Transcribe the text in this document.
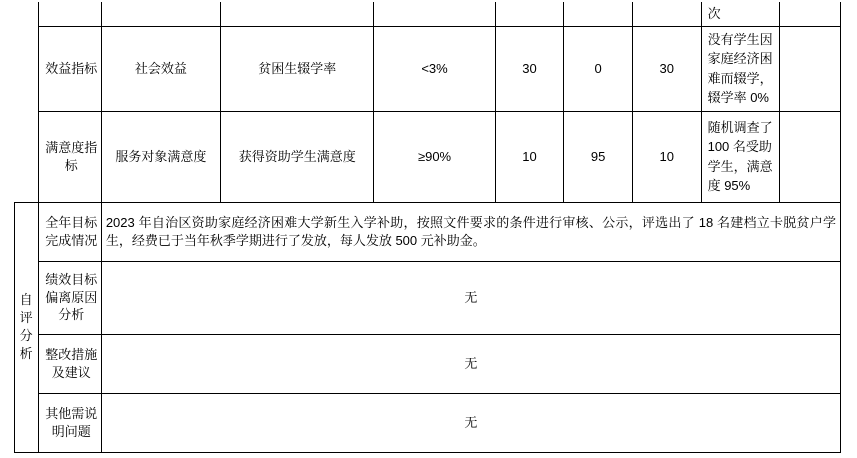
								次	
	效益指标	社会效益	贫困生辍学率	<3%	30	0	30	没有学生因家庭经济困难而辍学，辍学率 0%	
	满意度指标	服务对象满意度	获得资助学生满意度	≥90%	10	95	10	随机调查了 100 名受助学生，满意度 95%	

自评分析	全年目标完成情况	2023 年自治区资助家庭经济困难大学新生入学补助，按照文件要求的条件进行审核、公示，评选出了 18 名建档立卡脱贫户学生，经费已于当年秋季学期进行了发放，每人发放 500 元补助金。							

	绩效目标偏离原因分析	无							

	整改措施及建议	无							

	其他需说明问题	无							
